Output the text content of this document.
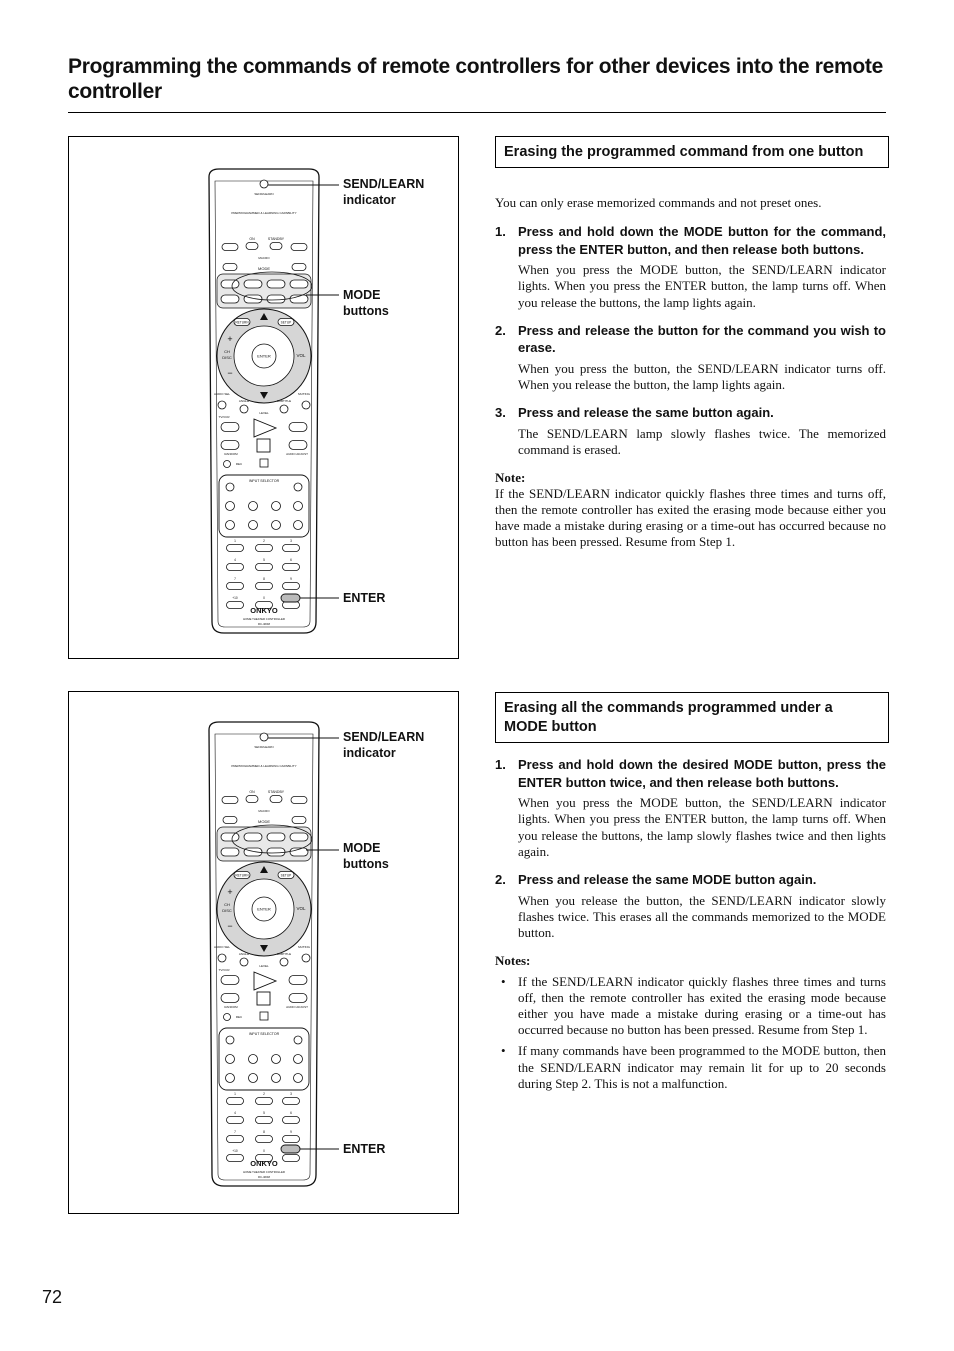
Programming the commands of remote controllers for other devices into the remote controller
SEND/LEARN
PREPROGRAMMED & LEARNING CAPABILITY
ON	STANDBY
MACRO
MODE
ENTER
CH
DISC	VOL
RETURN	SETUP
+
−
AUDIO SEL	MUTING
ANGLE	SUBTITLE
LEVEL
TV/VCR
RANDOM	AUDIO ADJUST
REC
INPUT SELECTOR
1	2	3
4	5	6
7	8	9
+10	0
ONKYO
HOME THEATER CONTROLLER
RC-460M
SEND/LEARN
indicator
MODE
buttons
ENTER
SEND/LEARN
PREPROGRAMMED & LEARNING CAPABILITY
ON	STANDBY
MACRO
MODE
ENTER
CH
DISC	VOL
RETURN	SETUP
+
−
AUDIO SEL	MUTING
ANGLE	SUBTITLE
LEVEL
TV/VCR
RANDOM	AUDIO ADJUST
REC
INPUT SELECTOR
1	2	3
4	5	6
7	8	9
+10	0
ONKYO
HOME THEATER CONTROLLER
RC-460M
SEND/LEARN
indicator
MODE
buttons
ENTER
Erasing the programmed command from one button

You can only erase memorized commands and not preset ones.

1. Press and hold down the MODE button for the command, press the ENTER button, and then release both buttons.
When you press the MODE button, the SEND/LEARN indicator lights. When you press the ENTER button, the lamp turns off. When you release the buttons, the lamp lights again.
2. Press and release the button for the command you wish to erase.
When you press the button, the SEND/LEARN indicator turns off. When you release the button, the lamp lights again.
3. Press and release the same button again.
The SEND/LEARN lamp slowly flashes twice. The memorized command is erased.
Note:
If the SEND/LEARN indicator quickly flashes three times and turns off, then the remote controller has exited the erasing mode because either you have made a mistake during erasing or a time-out has occurred because no button has been pressed. Resume from Step 1.
Erasing all the commands programmed under a MODE button
1. Press and hold down the desired MODE button, press the ENTER button twice, and then release both buttons.
When you press the MODE button, the SEND/LEARN indicator lights. When you press the ENTER button, the lamp turns off. When you release the buttons, the lamp slowly flashes twice and then lights again.
2. Press and release the same MODE button again.
When you release the button, the SEND/LEARN indicator slowly flashes twice. This erases all the commands memorized to the MODE button.
Notes:
• If the SEND/LEARN indicator quickly flashes three times and turns off, then the remote controller has exited the erasing mode because either you have made a mistake during erasing or a time-out has occurred because no button has been pressed. Resume from Step 1.
• If many commands have been programmed to the MODE button, then the SEND/LEARN indicator may remain lit for up to 20 seconds during Step 2. This is not a malfunction.
72
